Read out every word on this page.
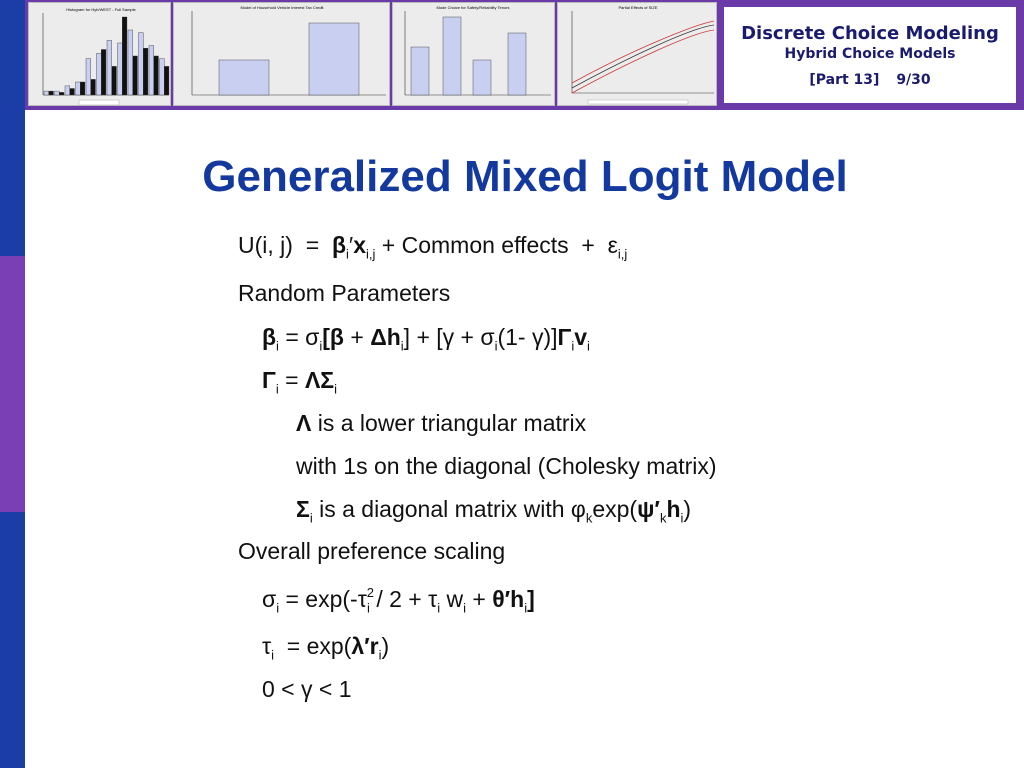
Histogram for Hyb/WEST - Full Sample	Model of Household Vehicle Interest Tax Credit	Mode Choice for Safety/Reliability Tenors	Partial Effects of SIZE
Discrete Choice Modeling
Hybrid Choice Models
[Part 13] 9/30
Generalized Mixed Logit Model
U(i, $j) = \beta_i'x_{i,j}$ + Common effects + $\varepsilon_{i,j}$
Random Parameters
$\beta_i = \sigma_i[\beta + \Delta h_i] + [\gamma + \sigma_i(1-$ $\gamma)]\Gamma_iv_i$
$\Gamma_i = \Lambda\Sigma_i$
Λ is a lower triangular matrix
with 1s on the diagonal (Cholesky matrix)
$\Sigma_i$ is a diagonal matrix with $\varphi_k\exp(\psi'_kh_i)$
Overall preference scaling
$\sigma_i = \exp(-\tau^2_i / 2 + \tau_i$ $w_i + \theta'h_i$]
$\tau_i = \exp(\lambda'r_i)$
0 < γ < 1
